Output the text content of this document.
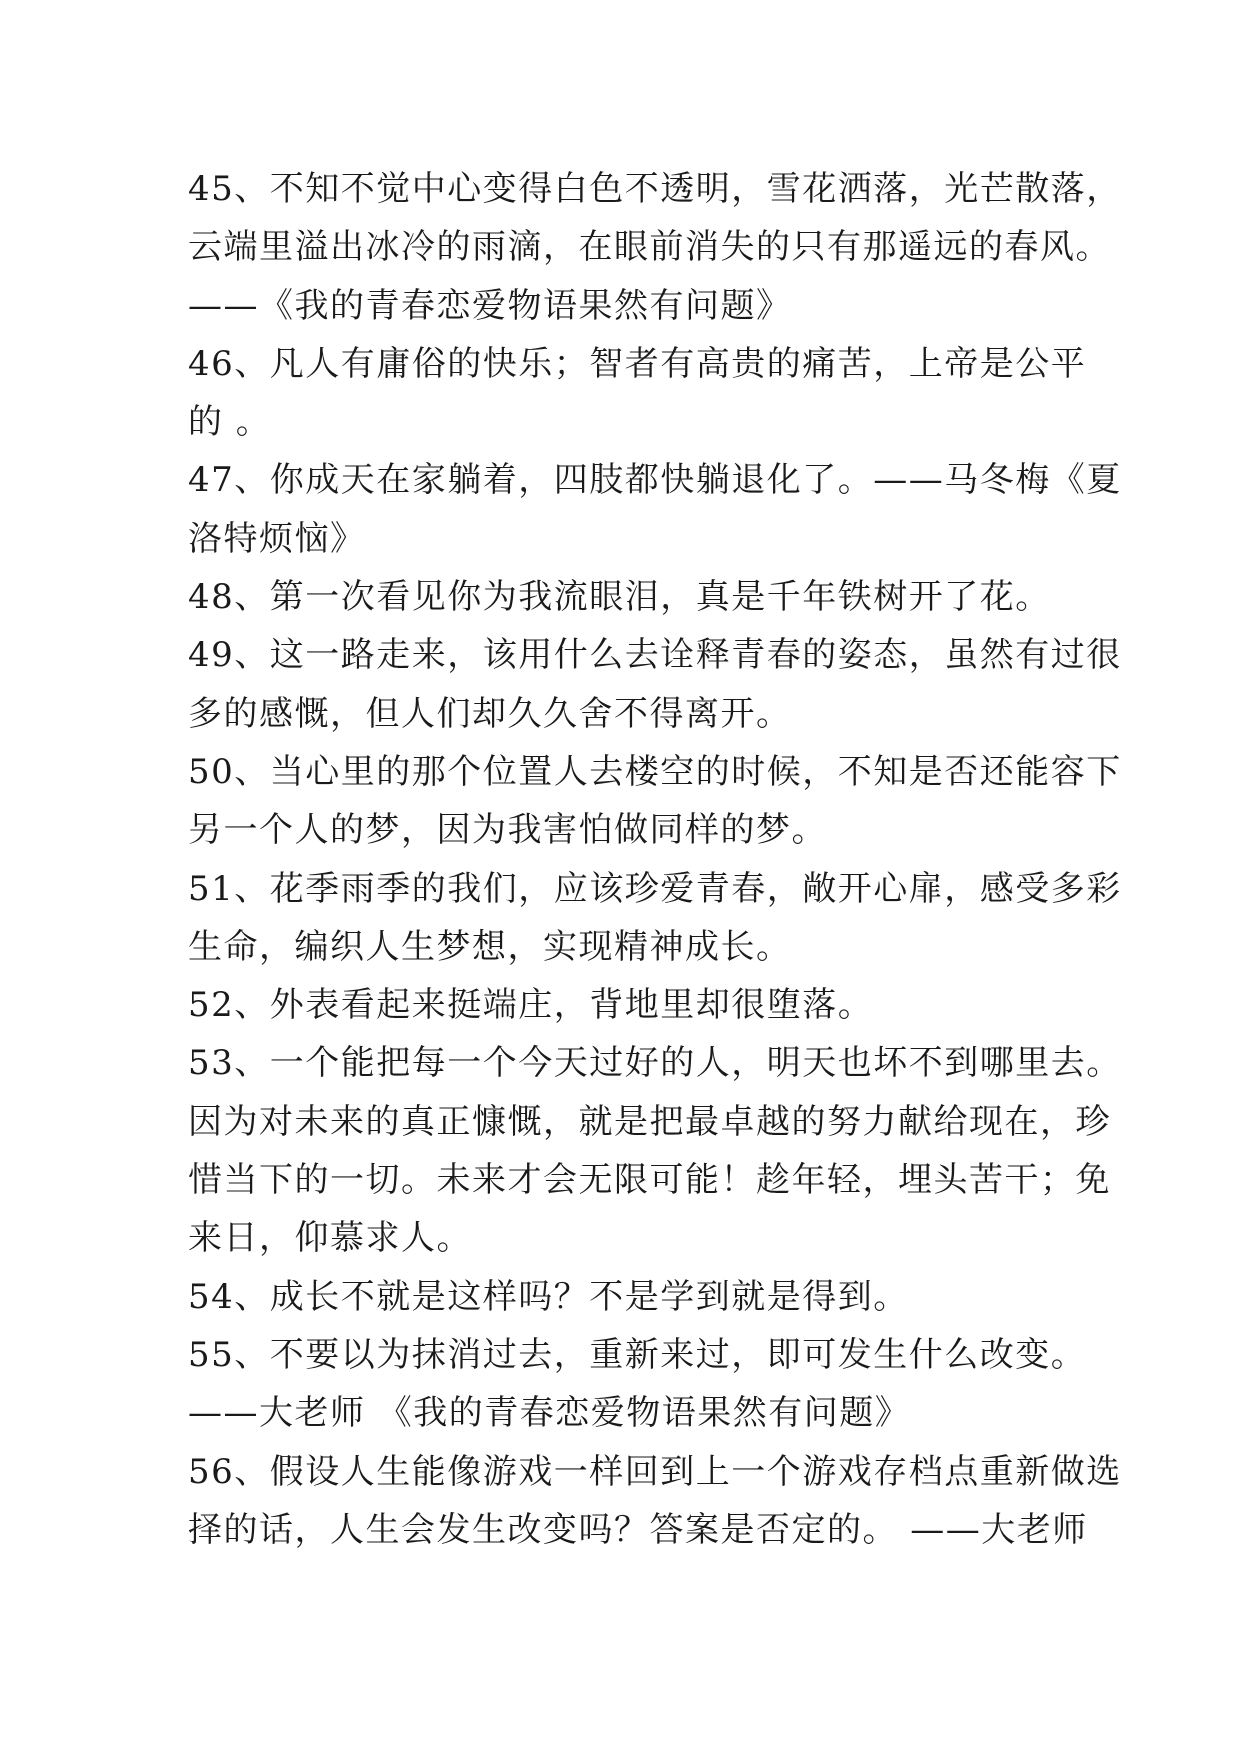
45、不知不觉中心变得白色不透明，雪花洒落，光芒散落，
云端里溢出冰冷的雨滴，在眼前消失的只有那遥远的春风。
——《我的青春恋爱物语果然有问题》
46、凡人有庸俗的快乐；智者有高贵的痛苦，上帝是公平
的 。
47、你成天在家躺着，四肢都快躺退化了。——马冬梅《夏
洛特烦恼》
48、第一次看见你为我流眼泪，真是千年铁树开了花。
49、这一路走来，该用什么去诠释青春的姿态，虽然有过很
多的感慨，但人们却久久舍不得离开。
50、当心里的那个位置人去楼空的时候，不知是否还能容下
另一个人的梦，因为我害怕做同样的梦。
51、花季雨季的我们，应该珍爱青春，敞开心扉，感受多彩
生命，编织人生梦想，实现精神成长。
52、外表看起来挺端庄，背地里却很堕落。
53、一个能把每一个今天过好的人，明天也坏不到哪里去。
因为对未来的真正慷慨，就是把最卓越的努力献给现在，珍
惜当下的一切。未来才会无限可能！趁年轻，埋头苦干；免
来日，仰慕求人。
54、成长不就是这样吗？不是学到就是得到。
55、不要以为抹消过去，重新来过，即可发生什么改变。
——大老师 《我的青春恋爱物语果然有问题》
56、假设人生能像游戏一样回到上一个游戏存档点重新做选
择的话，人生会发生改变吗？答案是否定的。 ——大老师
